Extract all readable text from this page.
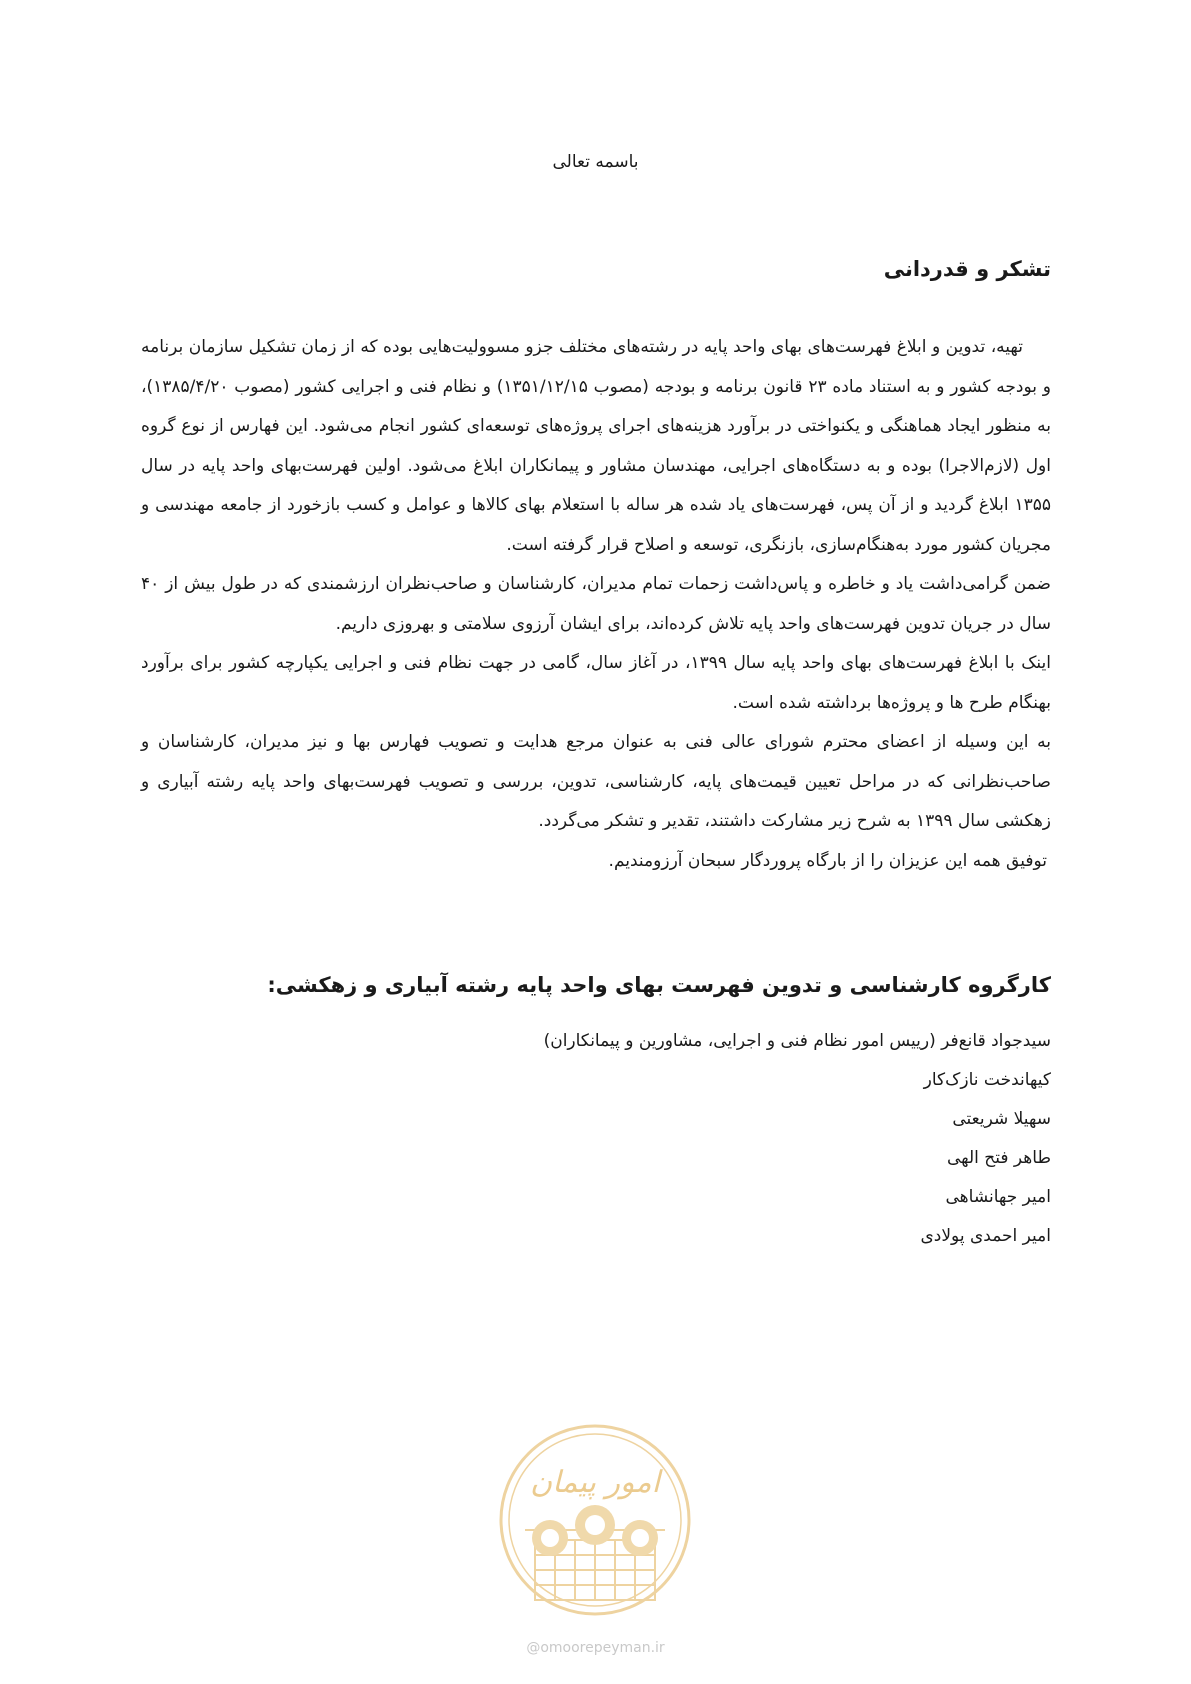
باسمه تعالی
تشکر و قدردانی

تهیه، تدوین و ابلاغ فهرست‌های بهای واحد پایه در رشته‌های مختلف جزو مسوولیت‌هایی بوده که از زمان تشکیل سازمان برنامه و بودجه کشور و به استناد ماده ۲۳ قانون برنامه و بودجه (مصوب ۱۳۵۱/۱۲/۱۵) و نظام فنی و اجرایی کشور (مصوب ۱۳۸۵/۴/۲۰)، به منظور ایجاد هماهنگی و یکنواختی در برآورد هزینه‌های اجرای پروژه‌های توسعه‌ای کشور انجام می‌شود. این فهارس از نوع گروه اول (لازم‌الاجرا) بوده و به دستگاه‌های اجرایی، مهندسان مشاور و پیمانکاران ابلاغ می‌شود. اولین فهرست‌بهای واحد پایه در سال ۱۳۵۵ ابلاغ گردید و از آن پس، فهرست‌های یاد شده هر ساله با استعلام بهای کالاها و عوامل و کسب بازخورد از جامعه مهندسی و مجریان کشور مورد به‌هنگام‌سازی، بازنگری، توسعه و اصلاح قرار گرفته است.

ضمن گرامی‌داشت یاد و خاطره و پاس‌داشت زحمات تمام مدیران، کارشناسان و صاحب‌نظران ارزشمندی که در طول بیش از ۴۰ سال در جریان تدوین فهرست‌های واحد پایه تلاش کرده‌اند، برای ایشان آرزوی سلامتی و بهروزی داریم.

اینک با ابلاغ فهرست‌های بهای واحد پایه سال ۱۳۹۹، در آغاز سال، گامی در جهت نظام فنی و اجرایی یکپارچه کشور برای برآورد بهنگام طرح ها و پروژه‌ها برداشته شده است.

به این وسیله از اعضای محترم شورای عالی فنی به عنوان مرجع هدایت و تصویب فهارس بها و نیز مدیران، کارشناسان و صاحب‌نظرانی که در مراحل تعیین قیمت‌های پایه، کارشناسی، تدوین، بررسی و تصویب فهرست‌بهای واحد پایه رشته آبیاری و زهکشی سال ۱۳۹۹ به شرح زیر مشارکت داشتند، تقدیر و تشکر می‌گردد.

توفیق همه این عزیزان را از بارگاه پروردگار سبحان آرزومندیم.

کارگروه کارشناسی و تدوین فهرست بهای واحد پایه رشته آبیاری و زهکشی:
سیدجواد قانع‌فر (رییس امور نظام فنی و اجرایی، مشاورین و پیمانکاران)
کیهاندخت نازک‌کار
سهیلا شریعتی
طاهر فتح الهی
امیر جهانشاهی
امیر احمدی پولادی
امور پیمان
@omoorepeyman.ir
